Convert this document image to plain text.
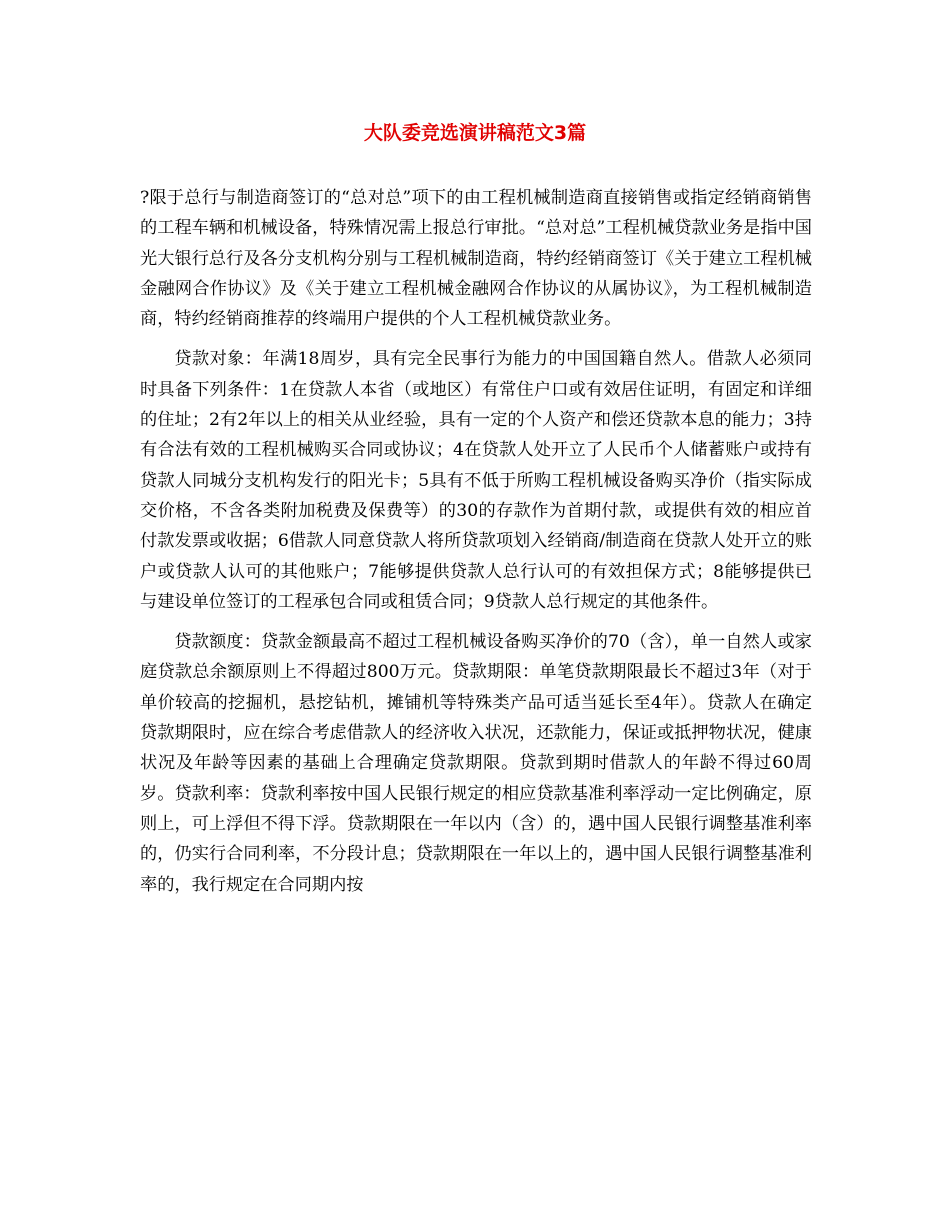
大队委竞选演讲稿范文3篇

?限于总行与制造商签订的“总对总”项下的由工程机械制造商直接销售或指定经销商销售的工程车辆和机械设备，特殊情况需上报总行审批。“总对总”工程机械贷款业务是指中国光大银行总行及各分支机构分别与工程机械制造商，特约经销商签订《关于建立工程机械金融网合作协议》及《关于建立工程机械金融网合作协议的从属协议》，为工程机械制造商，特约经销商推荐的终端用户提供的个人工程机械贷款业务。

贷款对象：年满18周岁，具有完全民事行为能力的中国国籍自然人。借款人必须同时具备下列条件：1在贷款人本省（或地区）有常住户口或有效居住证明，有固定和详细的住址；2有2年以上的相关从业经验，具有一定的个人资产和偿还贷款本息的能力；3持有合法有效的工程机械购买合同或协议；4在贷款人处开立了人民币个人储蓄账户或持有贷款人同城分支机构发行的阳光卡；5具有不低于所购工程机械设备购买净价（指实际成交价格，不含各类附加税费及保费等）的30的存款作为首期付款，或提供有效的相应首付款发票或收据；6借款人同意贷款人将所贷款项划入经销商/制造商在贷款人处开立的账户或贷款人认可的其他账户；7能够提供贷款人总行认可的有效担保方式；8能够提供已与建设单位签订的工程承包合同或租赁合同；9贷款人总行规定的其他条件。

贷款额度：贷款金额最高不超过工程机械设备购买净价的70（含），单一自然人或家庭贷款总余额原则上不得超过800万元。贷款期限：单笔贷款期限最长不超过3年（对于单价较高的挖掘机，悬挖钻机，摊铺机等特殊类产品可适当延长至4年）。贷款人在确定贷款期限时，应在综合考虑借款人的经济收入状况，还款能力，保证或抵押物状况，健康状况及年龄等因素的基础上合理确定贷款期限。贷款到期时借款人的年龄不得过60周岁。贷款利率：贷款利率按中国人民银行规定的相应贷款基准利率浮动一定比例确定，原则上，可上浮但不得下浮。贷款期限在一年以内（含）的，遇中国人民银行调整基准利率的，仍实行合同利率，不分段计息；贷款期限在一年以上的，遇中国人民银行调整基准利率的，我行规定在合同期内按
